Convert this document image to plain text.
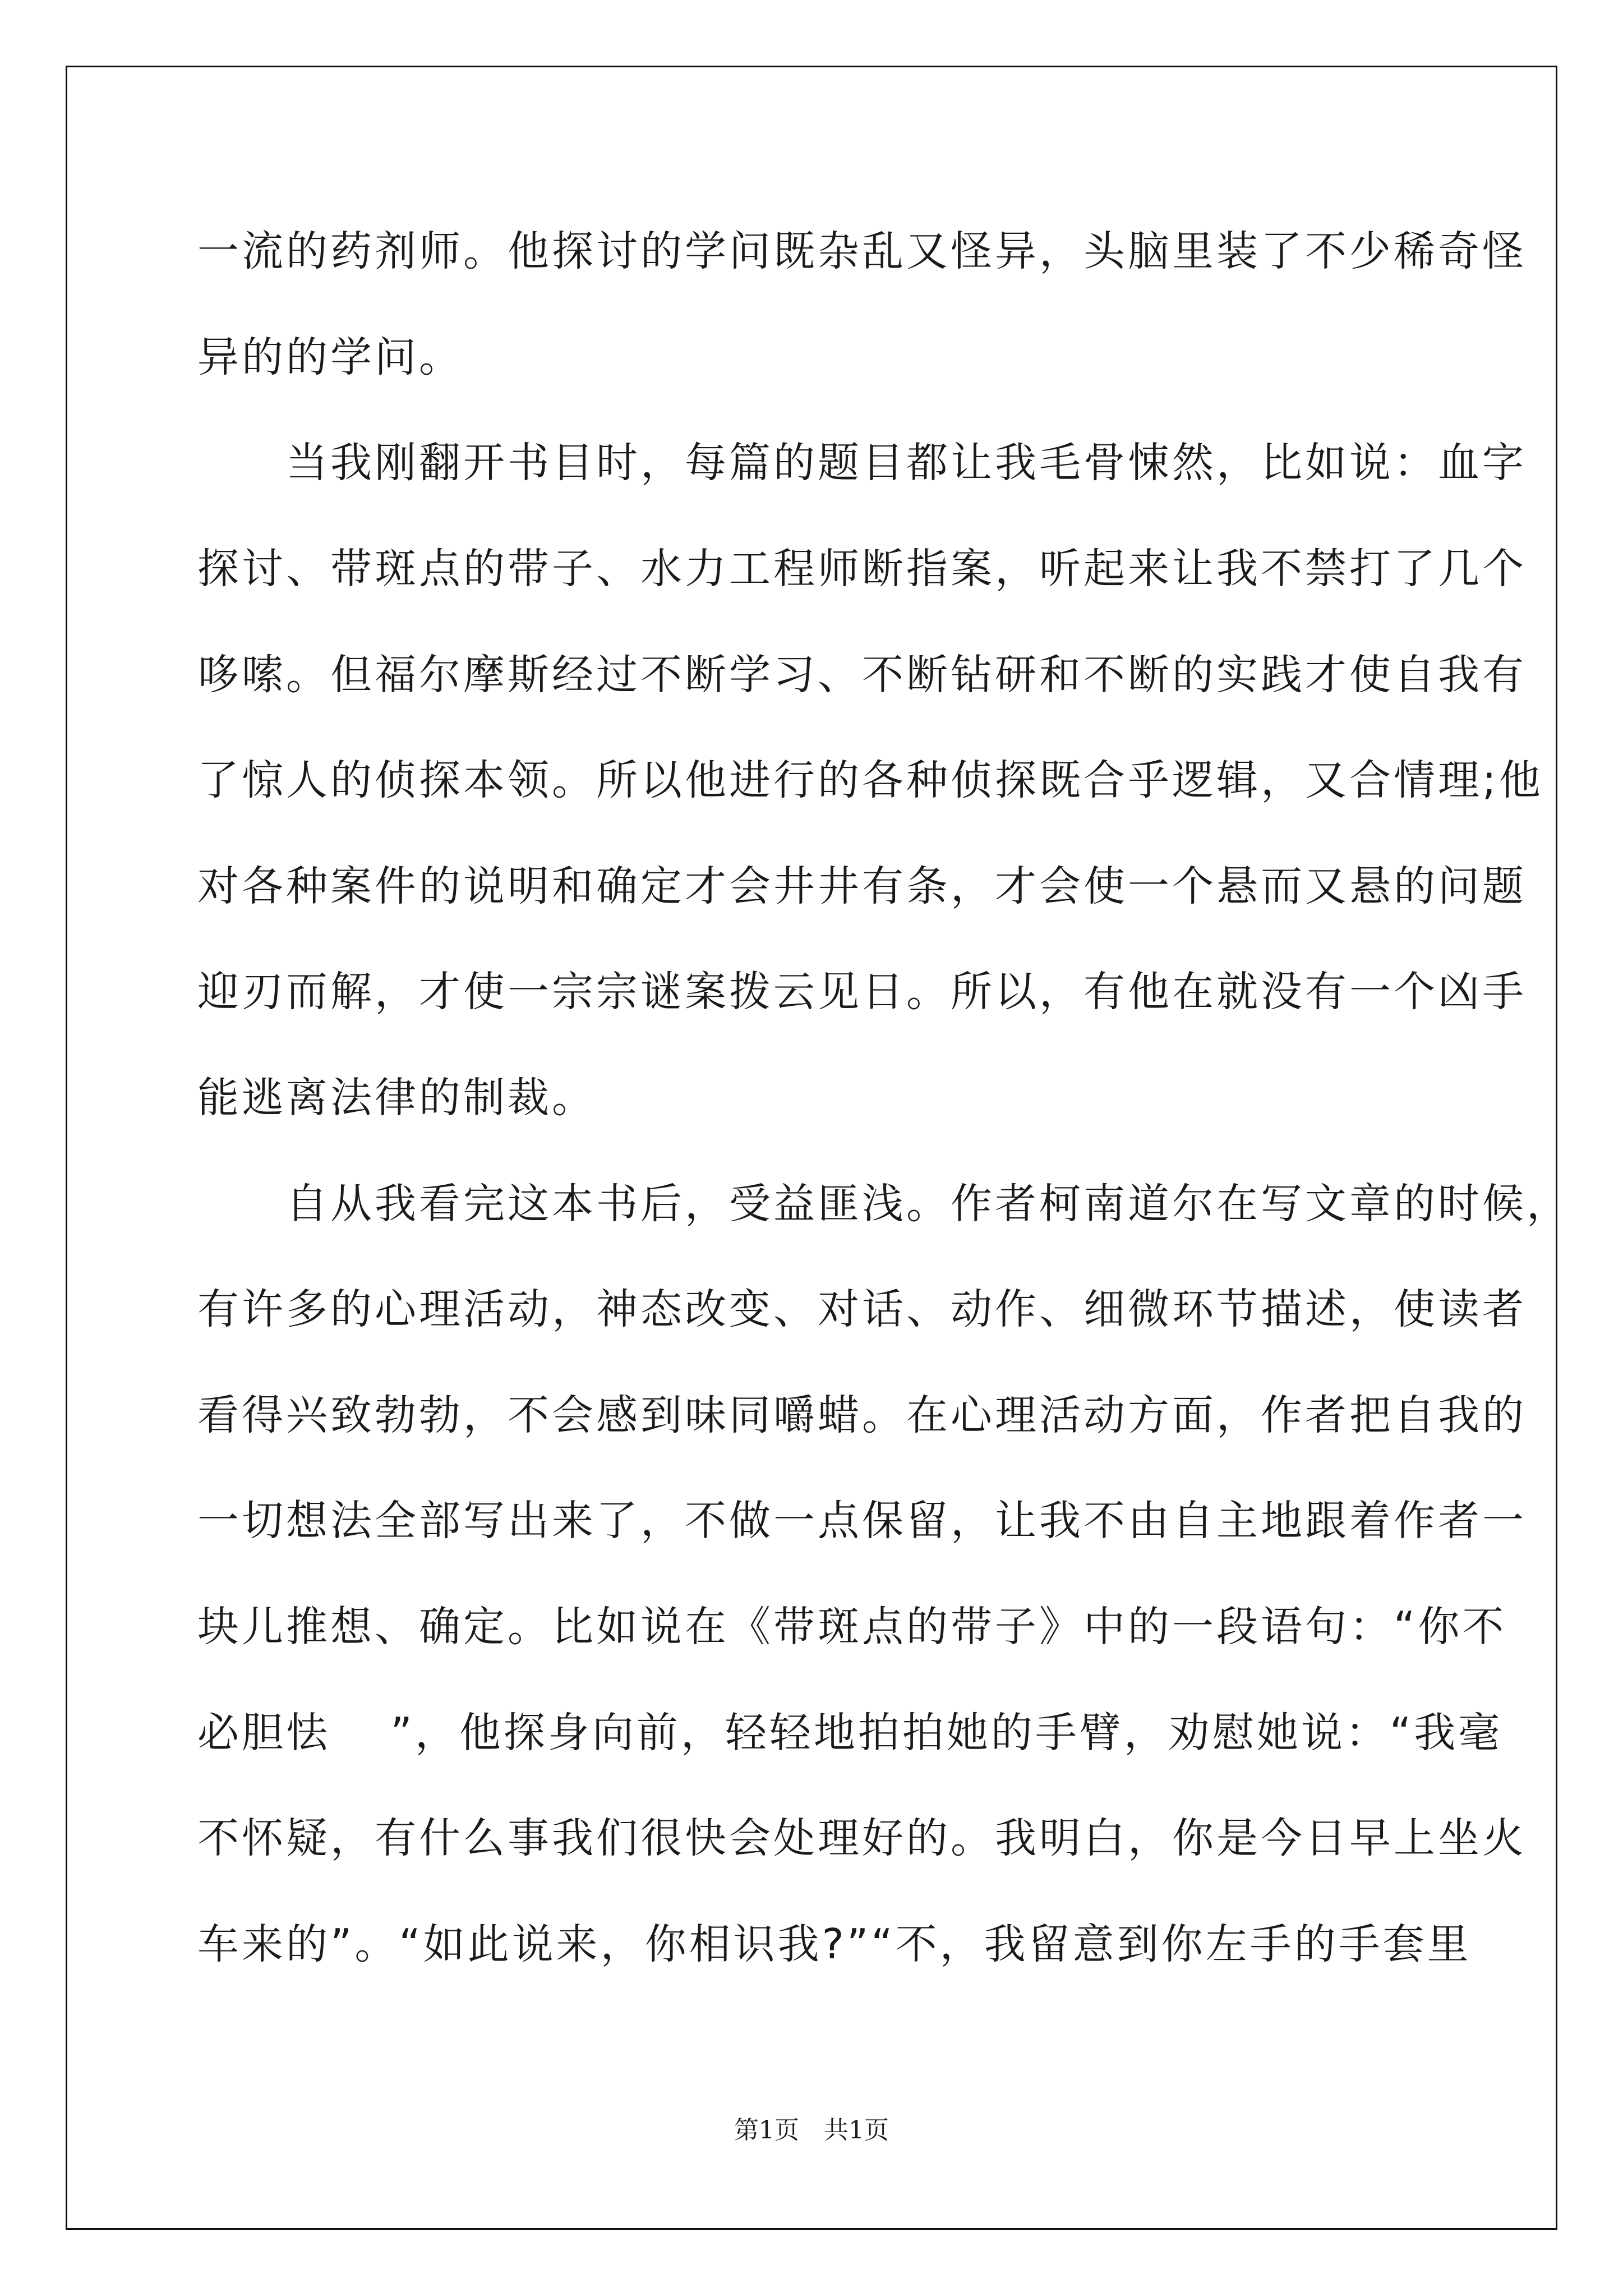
一流的药剂师。他探讨的学问既杂乱又怪异，头脑里装了不少稀奇怪
异的的学问。
　　当我刚翻开书目时，每篇的题目都让我毛骨悚然，比如说：血字
探讨、带斑点的带子、水力工程师断指案，听起来让我不禁打了几个
哆嗦。但福尔摩斯经过不断学习、不断钻研和不断的实践才使自我有
了惊人的侦探本领。所以他进行的各种侦探既合乎逻辑，又合情理;他
对各种案件的说明和确定才会井井有条，才会使一个悬而又悬的问题
迎刃而解，才使一宗宗谜案拨云见日。所以，有他在就没有一个凶手
能逃离法律的制裁。
　　自从我看完这本书后，受益匪浅。作者柯南道尔在写文章的时候，
有许多的心理活动，神态改变、对话、动作、细微环节描述，使读者
看得兴致勃勃，不会感到味同嚼蜡。在心理活动方面，作者把自我的
一切想法全部写出来了，不做一点保留，让我不由自主地跟着作者一
块儿推想、确定。比如说在《带斑点的带子》中的一段语句：“你不
必胆怯　 ”，他探身向前，轻轻地拍拍她的手臂，劝慰她说：“我毫
不怀疑，有什么事我们很快会处理好的。我明白，你是今日早上坐火
车来的”。“如此说来，你相识我?”“不，我留意到你左手的手套里
第1页　共1页
